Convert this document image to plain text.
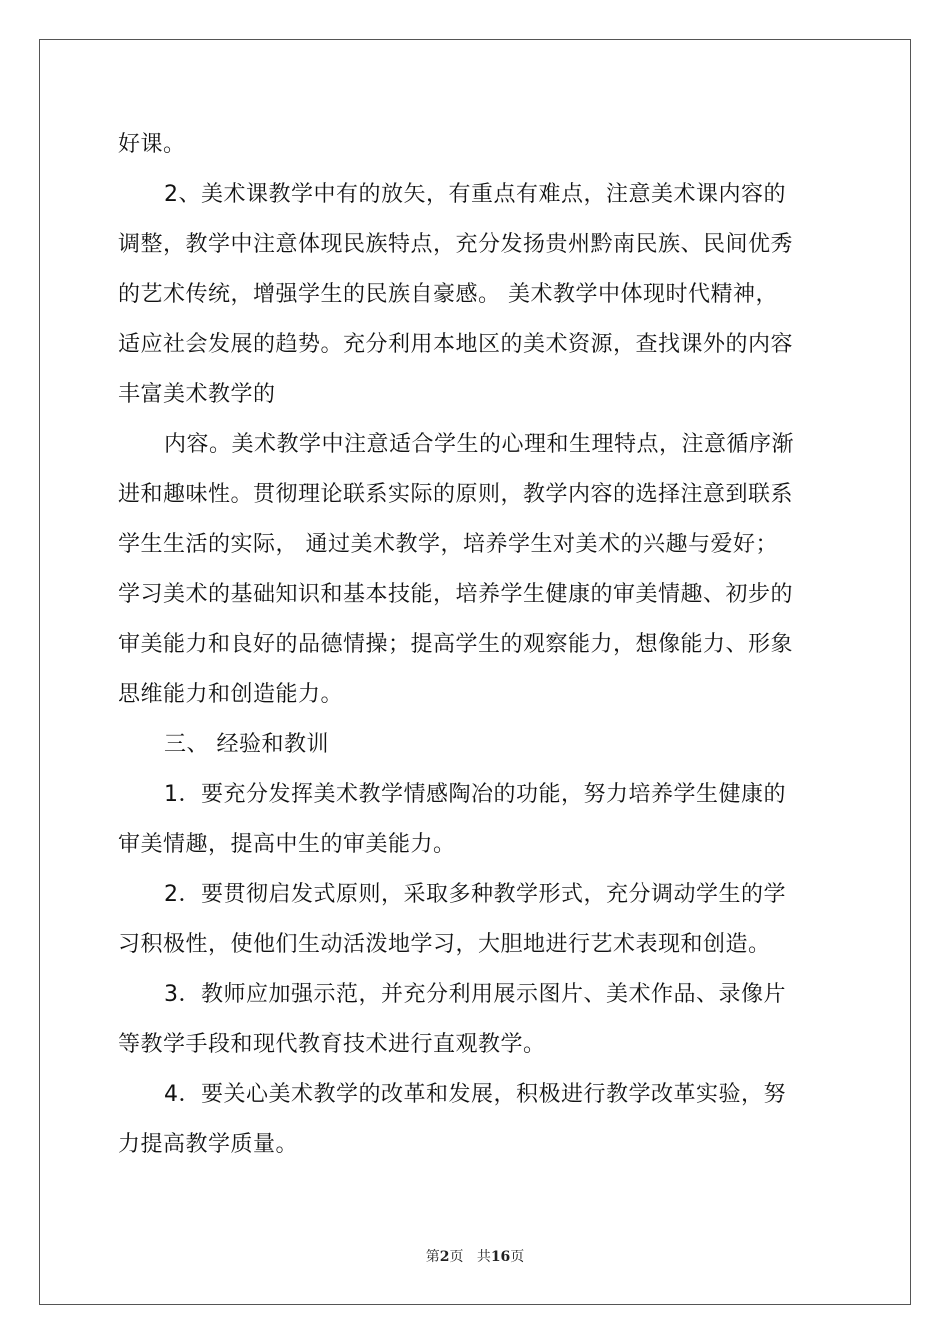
好课。
2、美术课教学中有的放矢，有重点有难点，注意美术课内容的
调整，教学中注意体现民族特点，充分发扬贵州黔南民族、民间优秀
的艺术传统，增强学生的民族自豪感。 美术教学中体现时代精神，
适应社会发展的趋势。充分利用本地区的美术资源，查找课外的内容
丰富美术教学的
内容。美术教学中注意适合学生的心理和生理特点，注意循序渐
进和趣味性。贯彻理论联系实际的原则，教学内容的选择注意到联系
学生生活的实际， 通过美术教学，培养学生对美术的兴趣与爱好；
学习美术的基础知识和基本技能，培养学生健康的审美情趣、初步的
审美能力和良好的品德情操；提高学生的观察能力，想像能力、形象
思维能力和创造能力。
三、 经验和教训
1．要充分发挥美术教学情感陶冶的功能，努力培养学生健康的
审美情趣，提高中生的审美能力。
2．要贯彻启发式原则，采取多种教学形式，充分调动学生的学
习积极性，使他们生动活泼地学习，大胆地进行艺术表现和创造。
3．教师应加强示范，并充分利用展示图片、美术作品、录像片
等教学手段和现代教育技术进行直观教学。
4．要关心美术教学的改革和发展，积极进行教学改革实验，努
力提高教学质量。
第2页 共16页
